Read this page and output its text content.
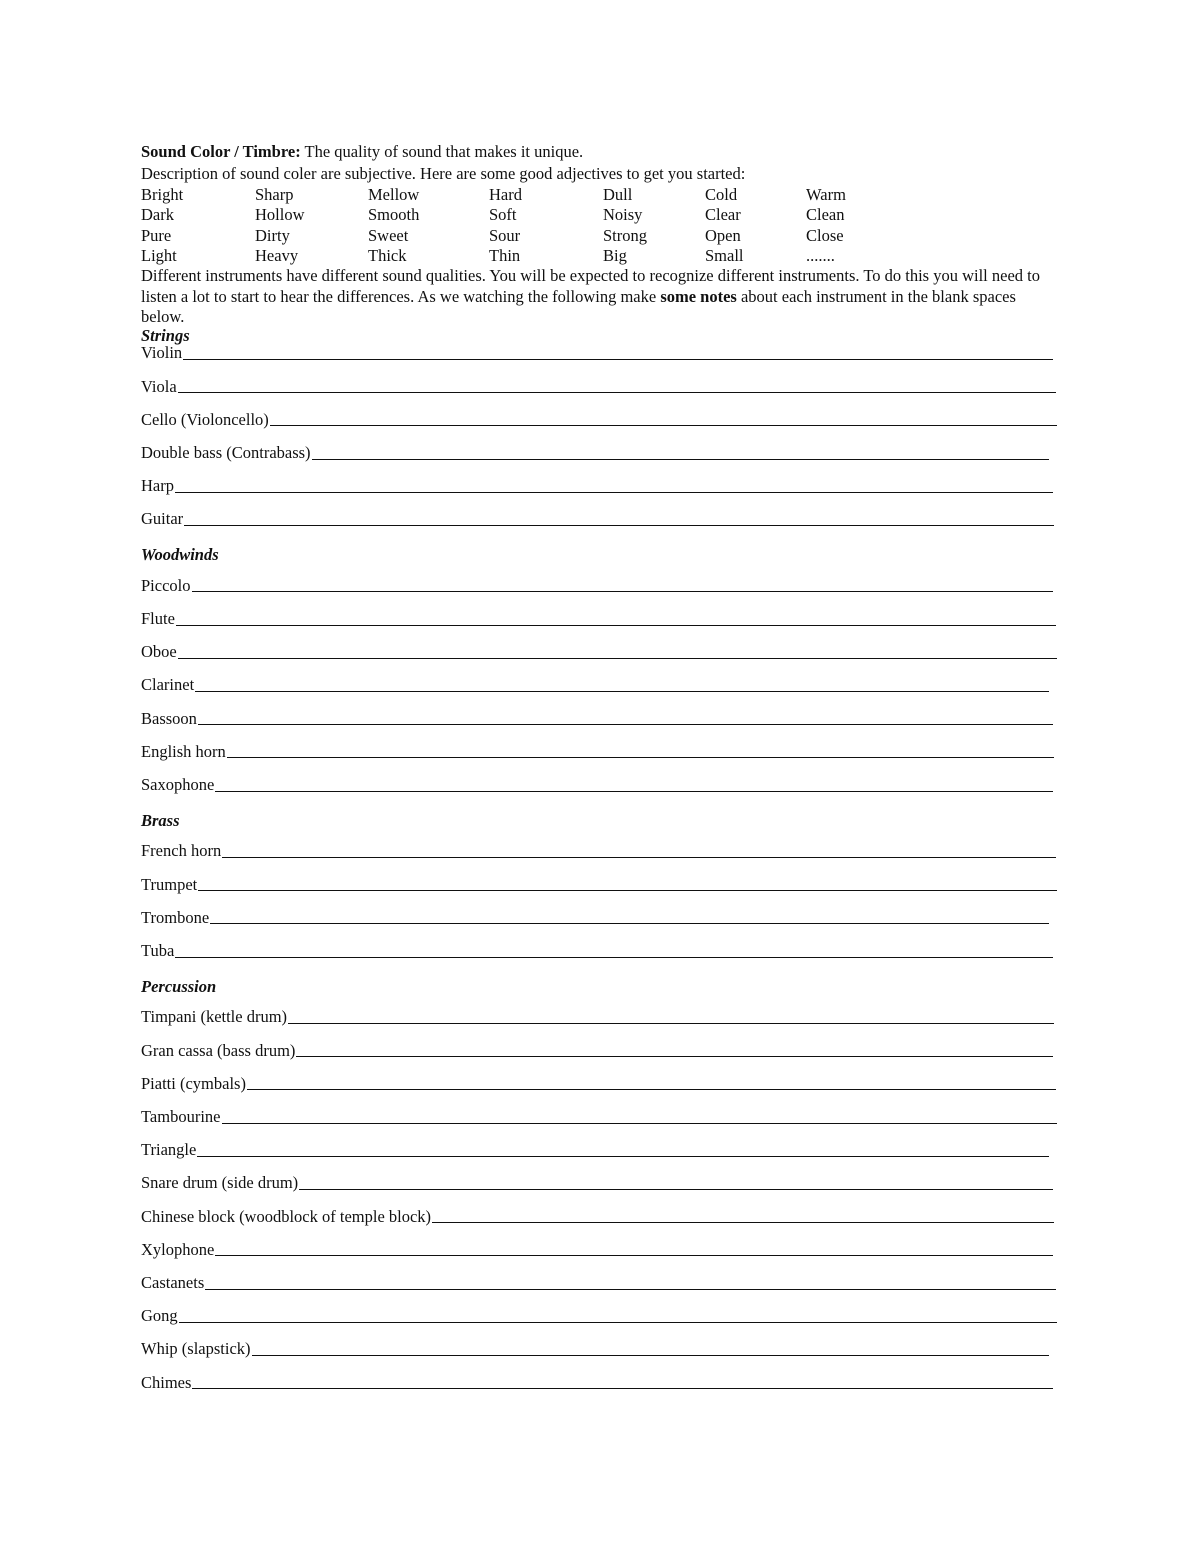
Sound Color / Timbre: The quality of sound that makes it unique.
Description of sound coler are subjective. Here are some good adjectives to get you started:
Bright	Sharp	Mellow	Hard	Dull	Cold	Warm
Dark	Hollow	Smooth	Soft	Noisy	Clear	Clean
Pure	Dirty	Sweet	Sour	Strong	Open	Close
Light	Heavy	Thick	Thin	Big	Small	.......
Different instruments have different sound qualities. You will be expected to recognize different instruments. To do this you will need to listen a lot to start to hear the differences. As we watching the following make some notes about each instrument in the blank spaces below.
Strings
Violin
Viola
Cello (Violoncello)
Double bass (Contrabass)
Harp
Guitar
Woodwinds
Piccolo
Flute
Oboe
Clarinet
Bassoon
English horn
Saxophone
Brass
French horn
Trumpet
Trombone
Tuba
Percussion
Timpani (kettle drum)
Gran cassa (bass drum)
Piatti (cymbals)
Tambourine
Triangle
Snare drum (side drum)
Chinese block (woodblock of temple block)
Xylophone
Castanets
Gong
Whip (slapstick)
Chimes
